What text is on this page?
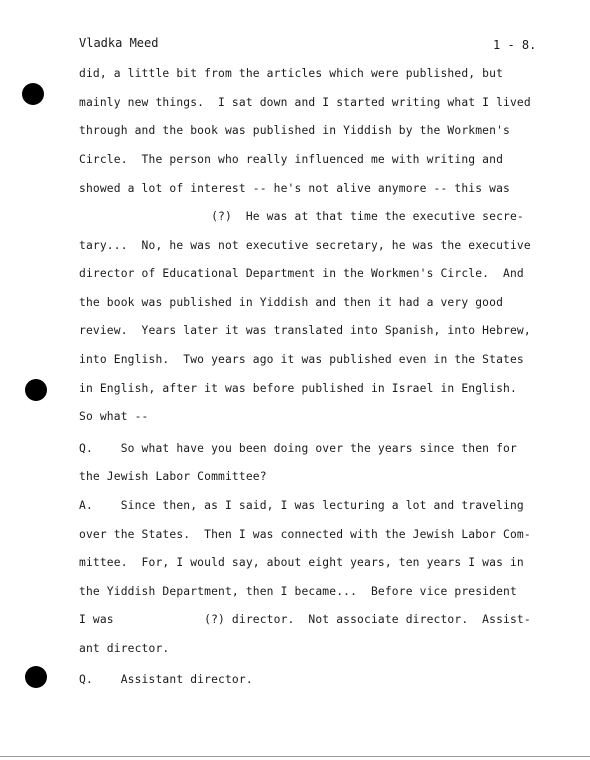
Vladka Meed	1 - 8.
did, a little bit from the articles which were published, but
mainly new things.  I sat down and I started writing what I lived
through and the book was published in Yiddish by the Workmen's
Circle.  The person who really influenced me with writing and
showed a lot of interest -- he's not alive anymore -- this was
(?)  He was at that time the executive secre-
tary...  No, he was not executive secretary, he was the executive
director of Educational Department in the Workmen's Circle.  And
the book was published in Yiddish and then it had a very good
review.  Years later it was translated into Spanish, into Hebrew,
into English.  Two years ago it was published even in the States
in English, after it was before published in Israel in English.
So what --
Q.    So what have you been doing over the years since then for
the Jewish Labor Committee?
A.    Since then, as I said, I was lecturing a lot and traveling
over the States.  Then I was connected with the Jewish Labor Com-
mittee.  For, I would say, about eight years, ten years I was in
the Yiddish Department, then I became...  Before vice president
I was             (?) director.  Not associate director.  Assist-
ant director.
Q.    Assistant director.
